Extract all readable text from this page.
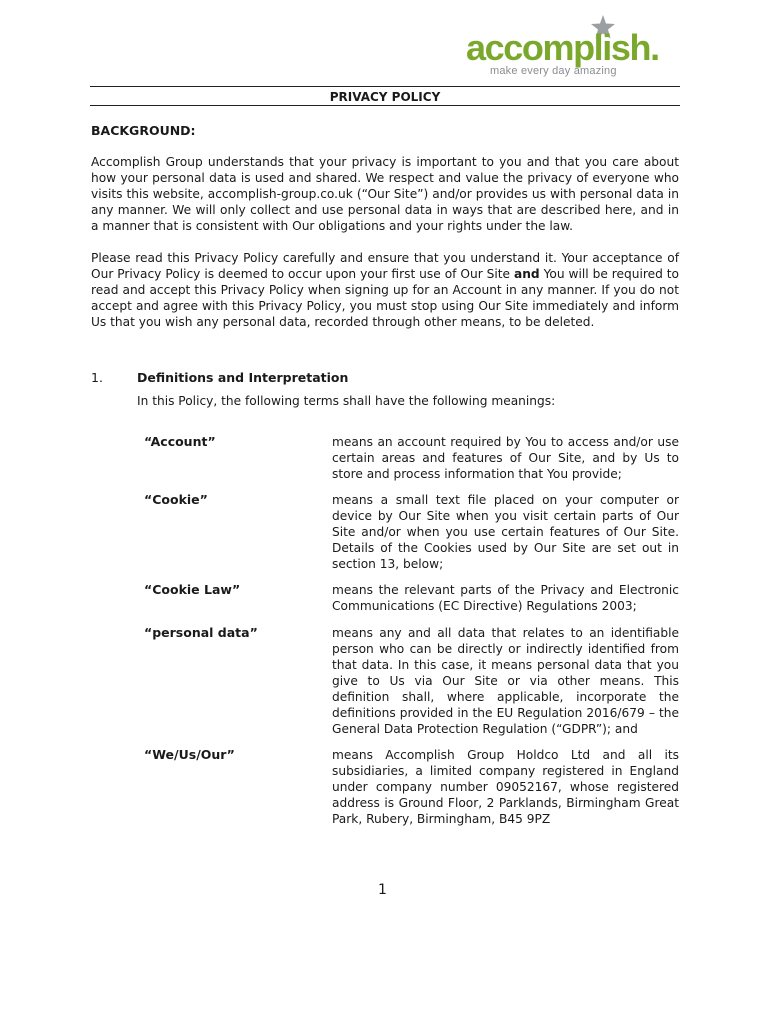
accomplish.
make every day amazing
PRIVACY POLICY
BACKGROUND:

Accomplish Group understands that your privacy is important to you and that you care about how your personal data is used and shared. We respect and value the privacy of everyone who visits this website, accomplish-group.co.uk (“Our Site”) and/or provides us with personal data in any manner. We will only collect and use personal data in ways that are described here, and in a manner that is consistent with Our obligations and your rights under the law.

Please read this Privacy Policy carefully and ensure that you understand it. Your acceptance of Our Privacy Policy is deemed to occur upon your first use of Our Site and You will be required to read and accept this Privacy Policy when signing up for an Account in any manner. If you do not accept and agree with this Privacy Policy, you must stop using Our Site immediately and inform Us that you wish any personal data, recorded through other means, to be deleted.

1.	Definitions and Interpretation
In this Policy, the following terms shall have the following meanings:
“Account”	means an account required by You to access and/or use certain areas and features of Our Site, and by Us to store and process information that You provide;

“Cookie”	means a small text file placed on your computer or device by Our Site when you visit certain parts of Our Site and/or when you use certain features of Our Site. Details of the Cookies used by Our Site are set out in section 13, below;

“Cookie Law”	means the relevant parts of the Privacy and Electronic Communications (EC Directive) Regulations 2003;

“personal data”	means any and all data that relates to an identifiable person who can be directly or indirectly identified from that data. In this case, it means personal data that you give to Us via Our Site or via other means. This definition shall, where applicable, incorporate the definitions provided in the EU Regulation 2016/679 – the General Data Protection Regulation (“GDPR”); and

“We/Us/Our”	means Accomplish Group Holdco Ltd and all its subsidiaries, a limited company registered in England under company number 09052167, whose registered address is Ground Floor, 2 Parklands, Birmingham Great Park, Rubery, Birmingham, B45 9PZ

1
